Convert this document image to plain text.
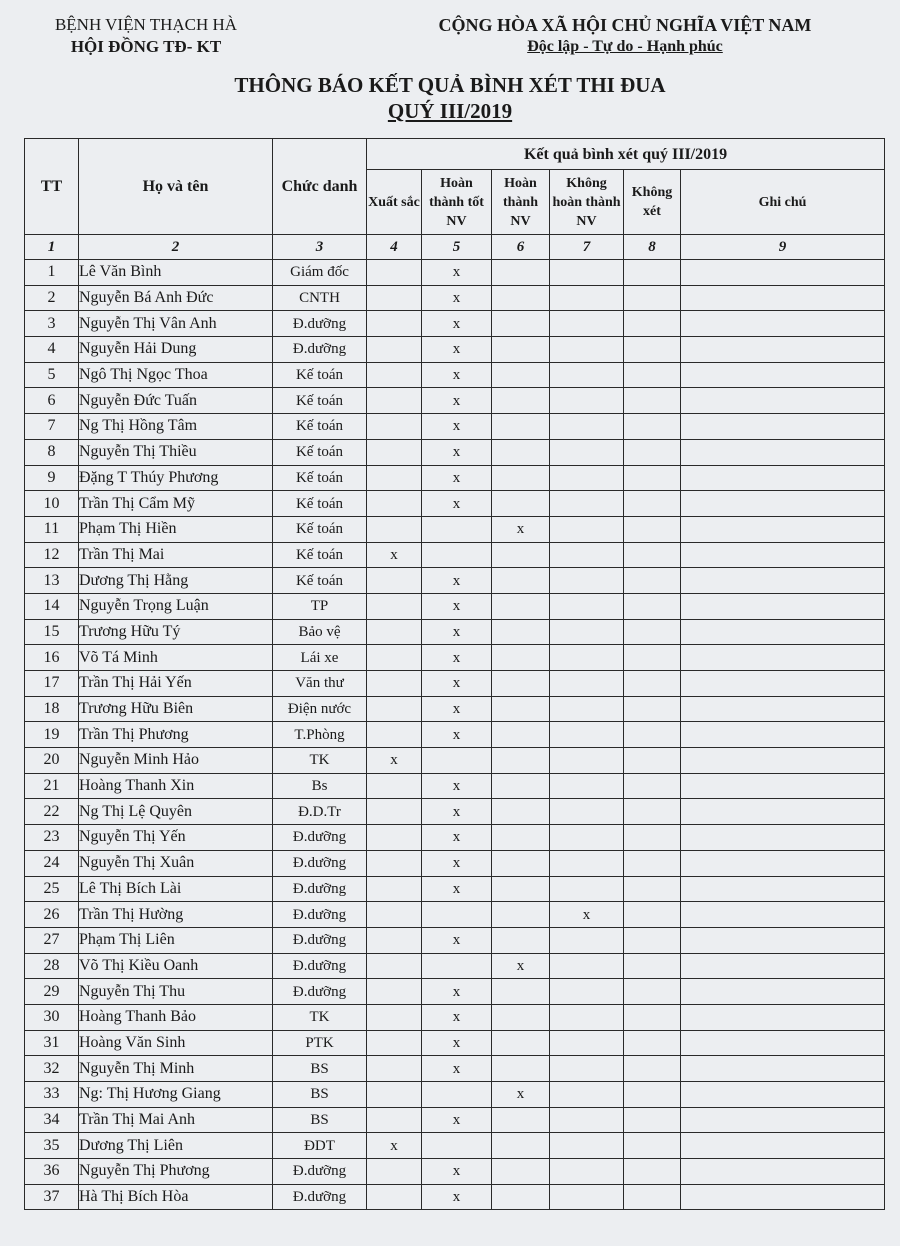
BỆNH VIỆN THẠCH HÀ
HỘI ĐỒNG TĐ- KT
CỘNG HÒA XÃ HỘI CHỦ NGHĨA VIỆT NAM
Độc lập - Tự do - Hạnh phúc
THÔNG BÁO KẾT QUẢ BÌNH XÉT THI ĐUA
QUÝ III/2019
TT	Họ và tên	Chức danh	Kết quả bình xét quý III/2019					
			Xuất sắc	Hoàn thành tốt NV	Hoàn thành NV	Không hoàn thành NV	Không xét	Ghi chú
1	2	3	4	5	6	7	8	9
1	Lê Văn Bình	Giám đốc		x				
2	Nguyễn Bá Anh Đức	CNTH		x				
3	Nguyễn Thị Vân Anh	Đ.dưỡng		x				
4	Nguyễn Hải Dung	Đ.dưỡng		x				
5	Ngô Thị Ngọc Thoa	Kế toán		x				
6	Nguyễn Đức Tuấn	Kế toán		x				
7	Ng Thị Hồng Tâm	Kế toán		x				
8	Nguyễn Thị Thiều	Kế toán		x				
9	Đặng T Thúy Phương	Kế toán		x				
10	Trần Thị Cẩm Mỹ	Kế toán		x				
11	Phạm Thị Hiền	Kế toán			x			
12	Trần Thị Mai	Kế toán	x					
13	Dương Thị Hằng	Kế toán		x				
14	Nguyễn Trọng Luận	TP		x				
15	Trương Hữu Tý	Bảo vệ		x				
16	Võ Tá Minh	Lái xe		x				
17	Trần Thị Hải Yến	Văn thư		x				
18	Trương Hữu Biên	Điện nước		x				
19	Trần Thị Phương	T.Phòng		x				
20	Nguyễn Minh Hảo	TK	x					
21	Hoàng Thanh Xin	Bs		x				
22	Ng Thị Lệ Quyên	Đ.D.Tr		x				
23	Nguyễn Thị Yến	Đ.dưỡng		x				
24	Nguyễn Thị Xuân	Đ.dưỡng		x				
25	Lê Thị Bích Lài	Đ.dưỡng		x				
26	Trần Thị Hường	Đ.dưỡng				x		
27	Phạm Thị Liên	Đ.dưỡng		x				
28	Võ Thị Kiều Oanh	Đ.dưỡng			x			
29	Nguyễn Thị Thu	Đ.dưỡng		x				
30	Hoàng Thanh Bảo	TK		x				
31	Hoàng Văn Sinh	PTK		x				
32	Nguyễn Thị Minh	BS		x				
33	Ng: Thị Hương Giang	BS			x			
34	Trần Thị Mai Anh	BS		x				
35	Dương Thị Liên	ĐDT	x					
36	Nguyễn Thị Phương	Đ.dưỡng		x				
37	Hà Thị Bích Hòa	Đ.dưỡng		x				
